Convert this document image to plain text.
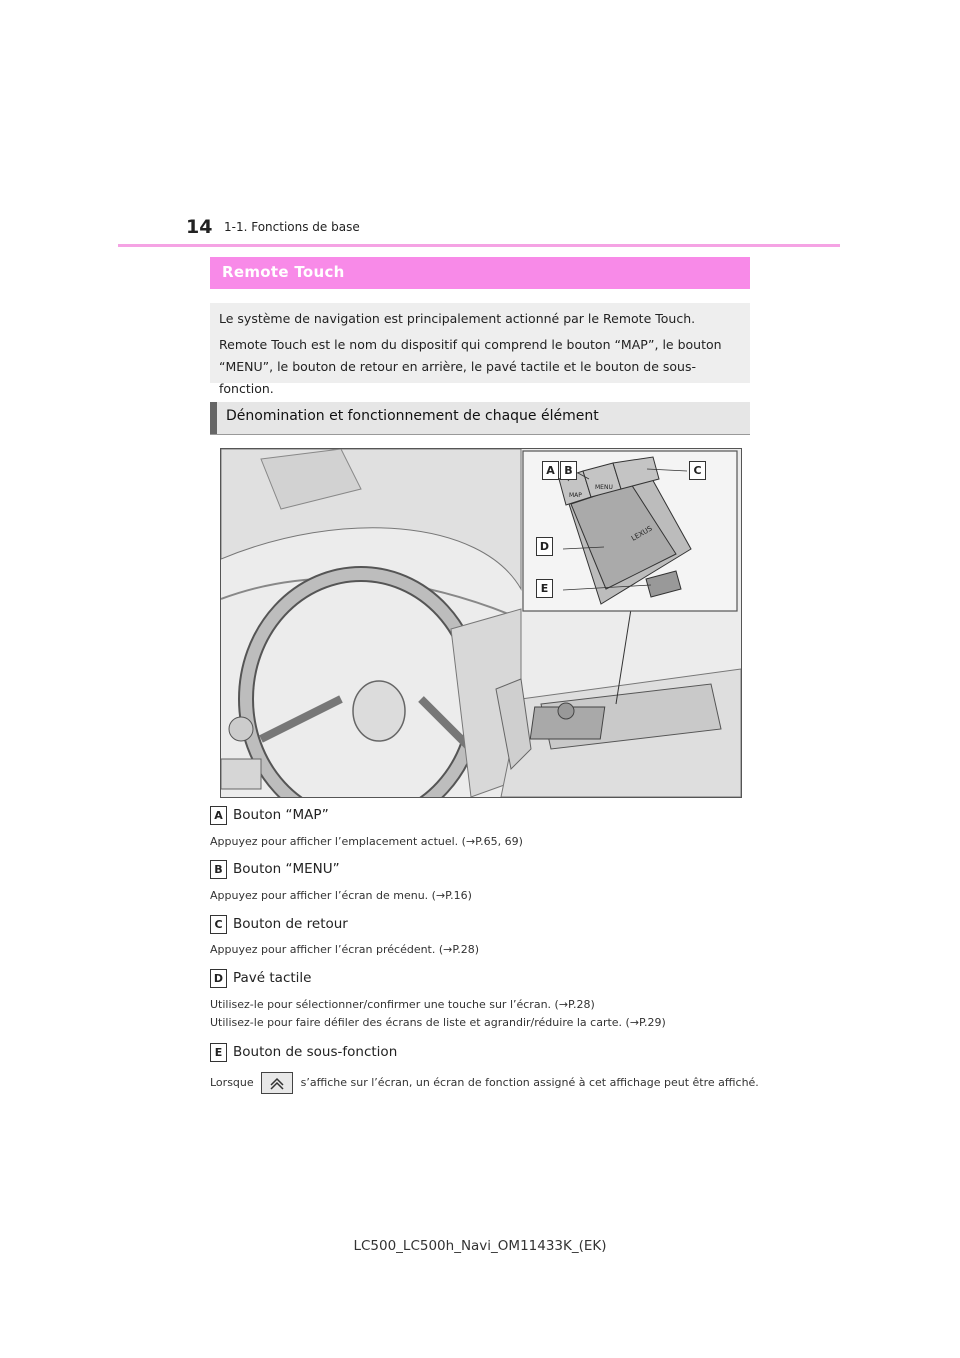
14 1-1. Fonctions de base
Remote Touch

Le système de navigation est principalement actionné par le Remote Touch.

Remote Touch est le nom du dispositif qui comprend le bouton “MAP”, le bouton

“MENU”, le bouton de retour en arrière, le pavé tactile et le bouton de sous-fonction.

Dénomination et fonctionnement de chaque élément
MAP
MENU
LEXUS
A B	C
D
E
A Bouton “MAP”
Appuyez pour afficher l’emplacement actuel. (→P.65, 69)
B Bouton “MENU”
Appuyez pour afficher l’écran de menu. (→P.16)
C Bouton de retour
Appuyez pour afficher l’écran précédent. (→P.28)
D Pavé tactile
Utilisez-le pour sélectionner/confirmer une touche sur l’écran. (→P.28)
Utilisez-le pour faire défiler des écrans de liste et agrandir/réduire la carte. (→P.29)
E Bouton de sous-fonction
Lorsque	s’affiche sur l’écran, un écran de fonction assigné à cet affichage peut être affiché.
LC500_LC500h_Navi_OM11433K_(EK)
